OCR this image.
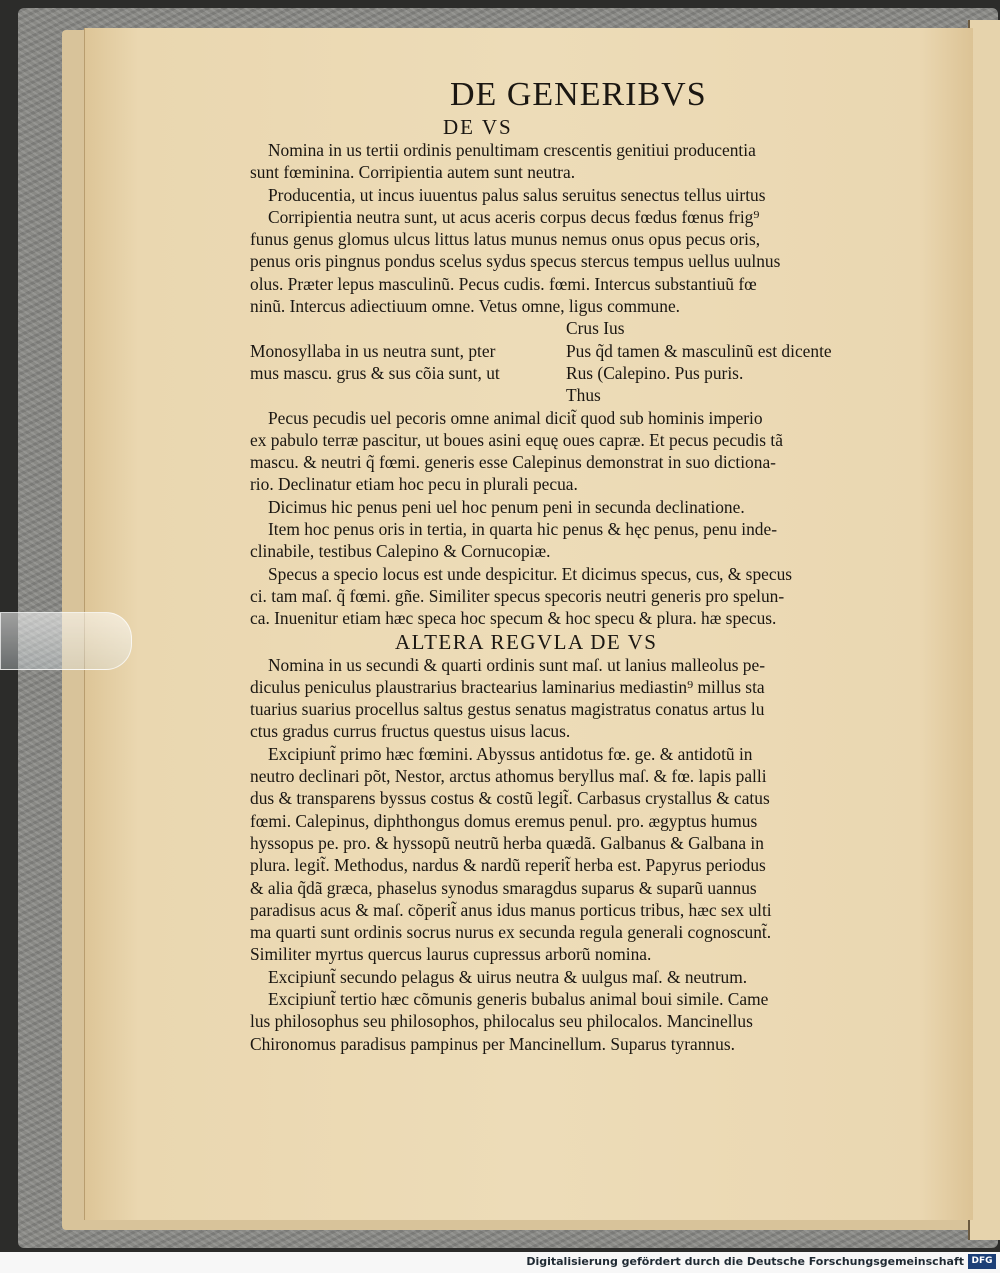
DE GENERIBVS
DE VS
Nomina in us tertii ordinis penultimam crescentis genitiui producentia
sunt fœminina. Corripientia autem sunt neutra.
Producentia, ut incus iuuentus palus salus seruitus senectus tellus uirtus
Corripientia neutra sunt, ut acus aceris corpus decus fœdus fœnus frig⁹
funus genus glomus ulcus littus latus munus nemus onus opus pecus oris,
penus oris pingnus pondus scelus sydus specus stercus tempus uellus uulnus
olus. Præter lepus masculinũ. Pecus cudis. fœmi. Intercus substantiuũ fœ
ninũ. Intercus adiectiuum omne. Vetus omne, ligus commune.
Crus Ius
Monosyllaba in us neutra sunt, pter	Pus q̃d tamen & masculinũ est dicente
mus mascu. grus & sus cõia sunt, ut	Rus (Calepino. Pus puris.
Thus
Pecus pecudis uel pecoris omne animal dicit̃ quod sub hominis imperio
ex pabulo terræ pascitur, ut boues asini equę oues capræ. Et pecus pecudis tã
mascu. & neutri q̃ fœmi. generis esse Calepinus demonstrat in suo dictiona-
rio. Declinatur etiam hoc pecu in plurali pecua.
Dicimus hic penus peni uel hoc penum peni in secunda declinatione.
Item hoc penus oris in tertia, in quarta hic penus & hęc penus, penu inde-
clinabile, testibus Calepino & Cornucopiæ.
Specus a specio locus est unde despicitur. Et dicimus specus, cus, & specus
ci. tam maſ. q̃ fœmi. gñe. Similiter specus specoris neutri generis pro spelun-
ca. Inuenitur etiam hæc speca hoc specum & hoc specu & plura. hæ specus.
ALTERA REGVLA DE VS
Nomina in us secundi & quarti ordinis sunt maſ. ut lanius malleolus pe-
diculus peniculus plaustrarius bractearius laminarius mediastin⁹ millus sta
tuarius suarius procellus saltus gestus senatus magistratus conatus artus lu
ctus gradus currus fructus questus uisus lacus.
Excipiunt̃ primo hæc fœmini. Abyssus antidotus fœ. ge. & antidotũ in
neutro declinari põt, Nestor, arctus athomus beryllus maſ. & fœ. lapis palli
dus & transparens byssus costus & costũ legit̃. Carbasus crystallus & catus
fœmi. Calepinus, diphthongus domus eremus penul. pro. ægyptus humus
hyssopus pe. pro. & hyssopũ neutrũ herba quædã. Galbanus & Galbana in
plura. legit̃. Methodus, nardus & nardũ reperit̃ herba est. Papyrus periodus
& alia q̃dã græca, phaselus synodus smaragdus suparus & suparũ uannus
paradisus acus & maſ. cõperit̃ anus idus manus porticus tribus, hæc sex ulti
ma quarti sunt ordinis socrus nurus ex secunda regula generali cognoscunt̃.
Similiter myrtus quercus laurus cupressus arborũ nomina.
Excipiunt̃ secundo pelagus & uirus neutra & uulgus maſ. & neutrum.
Excipiunt̃ tertio hæc cõmunis generis bubalus animal boui simile. Came
lus philosophus seu philosophos, philocalus seu philocalos. Mancinellus
Chironomus paradisus pampinus per Mancinellum. Suparus tyrannus.
Digitalisierung gefördert durch die Deutsche Forschungsgemeinschaft DFG
